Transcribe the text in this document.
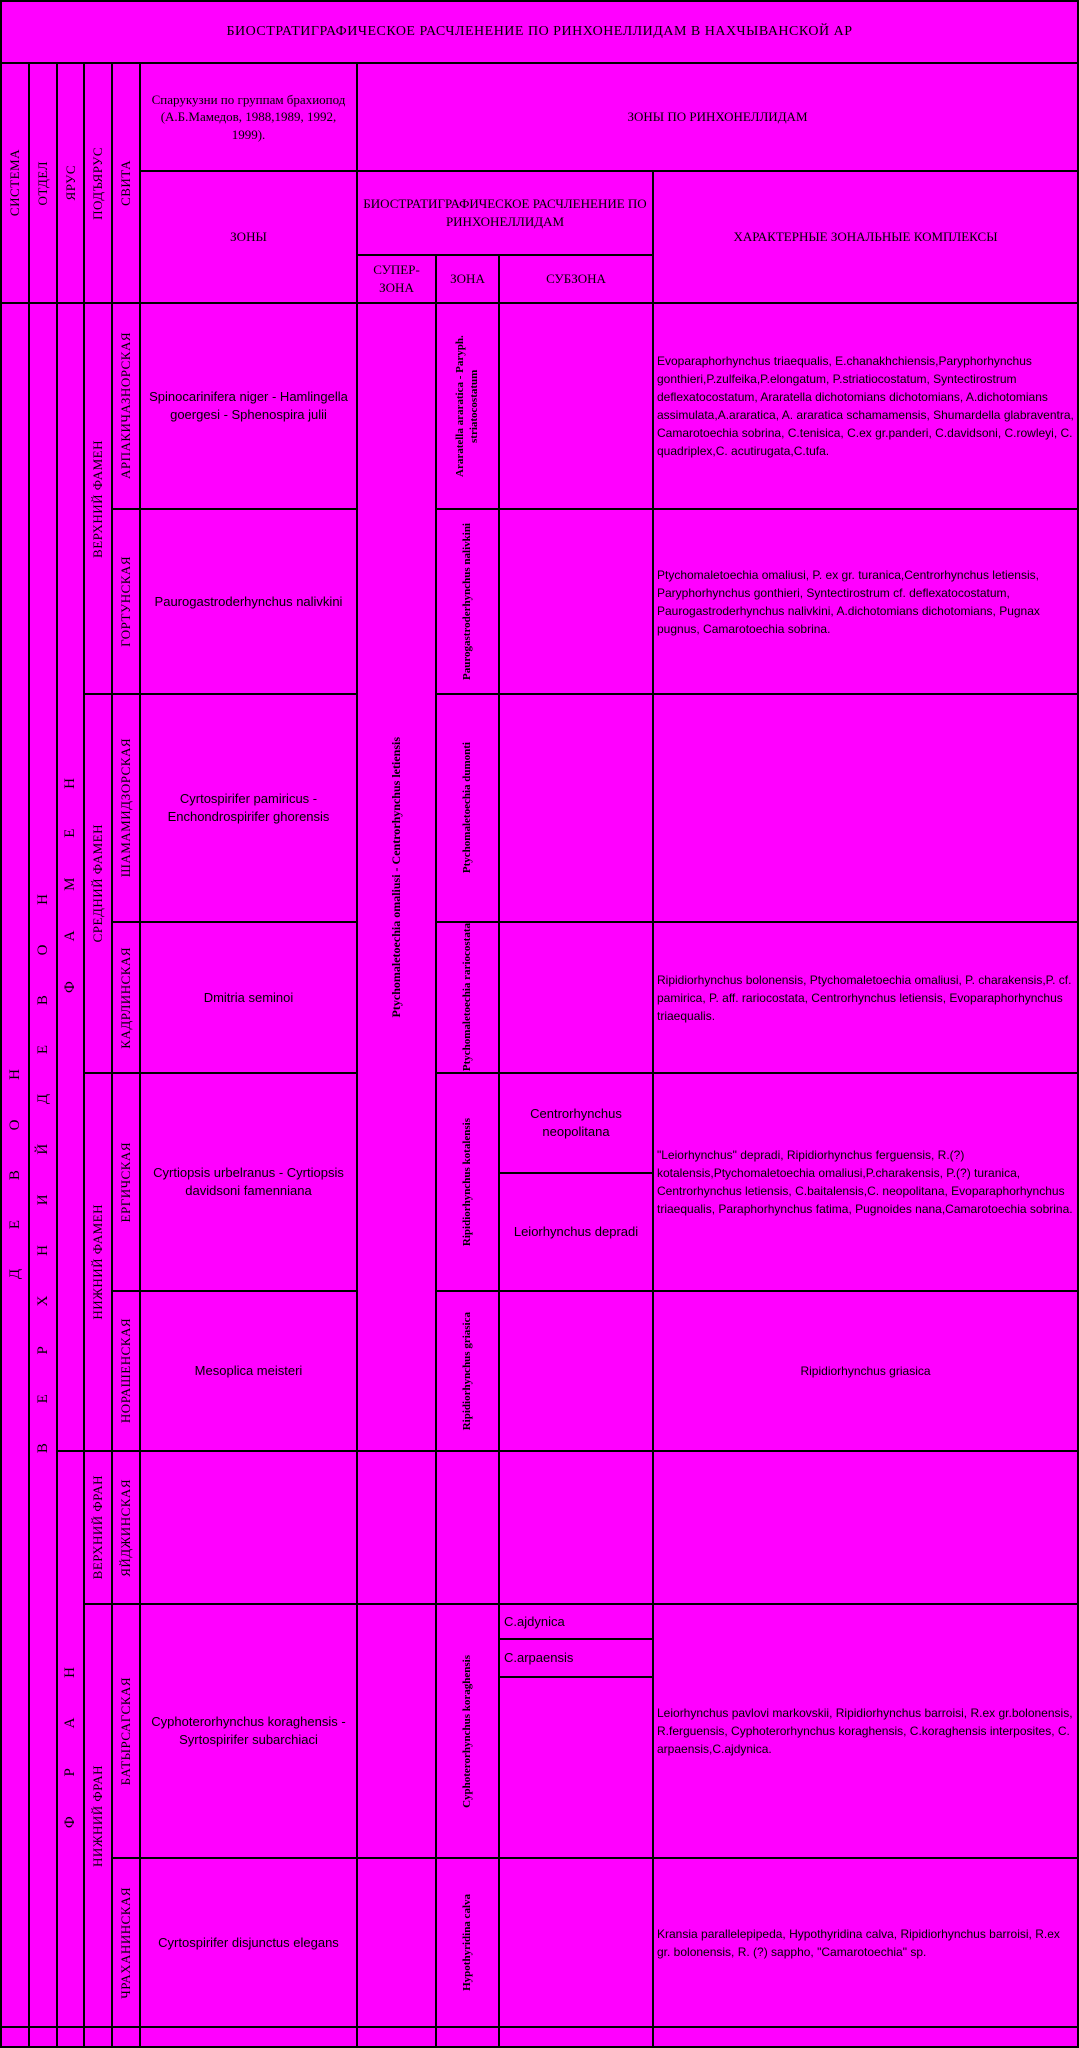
БИОСТРАТИГРАФИЧЕСКОЕ РАСЧЛЕНЕНИЕ ПО РИНХОНЕЛЛИДАМ В НАХЧЫВАНСКОЙ АР
СИСТЕМА ОТДЕЛ ЯРУС ПОДЪЯРУС СВИТА
Спарукузни по группам брахиопод (А.Б.Мамедов, 1988,1989, 1992, 1999).
ЗОНЫ
ЗОНЫ ПО РИНХОНЕЛЛИДАМ
БИОСТРАТИГРАФИЧЕСКОЕ РАСЧЛЕНЕНИЕ ПО РИНХОНЕЛЛИДАМ
ХАРАКТЕРНЫЕ ЗОНАЛЬНЫЕ КОМПЛЕКСЫ
СУПЕР-ЗОНА
ЗОНА	СУБЗОНА
Д Е В О Н В Е Р Х Н И Й Д Е В О Н Ф А М Е Н
Ф Р А Н
ВЕРХНИЙ ФАМЕН
СРЕДНИЙ ФАМЕН
НИЖНИЙ ФАМЕН
ВЕРХНИЙ ФРАН
НИЖНИЙ ФРАН
АРПАКИЧАЗНОРСКАЯ
ГОРТУНСКАЯ
ШАМАМИДЗОРСКАЯ
КАДРЛИНСКАЯ
ЕРГИЧСКАЯ
НОРАШЕНСКАЯ
ЯЙДЖИНСКАЯ
БАТЫРСАГСКАЯ
ЧРАХАНИНСКАЯ
Spinocarinifera niger - Hamlingella goergesi - Sphenospira julii
Paurogastroderhynchus nalivkini
Cyrtospirifer pamiricus - Enchondrospirifer ghorensis
Dmitria seminoi
Cyrtiopsis urbelranus - Cyrtiopsis davidsoni famenniana
Mesoplica meisteri
Cyphoterorhynchus koraghensis - Syrtospirifer subarchiaci
Cyrtospirifer disjunctus elegans
Ptychomaletoechia omaliusi - Centrorhynchus letiensis
Araratella araratica - Paryph. striatocostatum
Paurogastroderhynchus nalivkini
Ptychomaletoechia dumonti
Ptychomaletoechia rariocostata
Ripidiorhynchus kotalensis
Ripidiorhynchus griasica
Cyphoterorhynchus koraghensis
Hypothyridina calva
Centrorhynchus neopolitana
Leiorhynchus depradi
C.ajdynica
C.arpaensis
Evoparaphorhynchus triaequalis, E.chanakhchiensis,Paryphorhynchus gonthieri,P.zulfeika,P.elongatum, P.striatiocostatum, Syntectirostrum deflexatocostatum, Araratella dichotomians dichotomians, A.dichotomians assimulata,A.araratica, A. araratica schamamensis, Shumardella glabraventra, Camarotoechia sobrina, C.tenisica, C.ex gr.panderi, C.davidsoni, C.rowleyi, C. quadriplex,C. acutirugata,C.tufa.
Ptychomaletoechia omaliusi, P. ex gr. turanica,Centrorhynchus letiensis, Paryphorhynchus gonthieri, Syntectirostrum cf. deflexatocostatum, Paurogastroderhynchus nalivkini, A.dichotomians dichotomians, Pugnax pugnus, Camarotoechia sobrina.
Ripidiorhynchus bolonensis, Ptychomaletoechia omaliusi, P. charakensis,P. cf. pamirica, P. aff. rariocostata, Centrorhynchus letiensis, Evoparaphorhynchus triaequalis.
"Leiorhynchus" depradi, Ripidiorhynchus ferguensis, R.(?) kotalensis,Ptychomaletoechia omaliusi,P.charakensis, P.(?) turanica, Centrorhynchus letiensis, C.baitalensis,C. neopolitana, Evoparaphorhynchus triaequalis, Paraphorhynchus fatima, Pugnoides nana,Camarotoechia sobrina.
Ripidiorhynchus griasica
Leiorhynchus pavlovi markovskii, Ripidiorhynchus barroisi, R.ex gr.bolonensis, R.ferguensis, Cyphoterorhynchus koraghensis, C.koraghensis interposites, C. arpaensis,C.ajdynica.
Kransia parallelepipeda, Hypothyridina calva, Ripidiorhynchus barroisi, R.ex gr. bolonensis, R. (?) sappho, "Camarotoechia" sp.
